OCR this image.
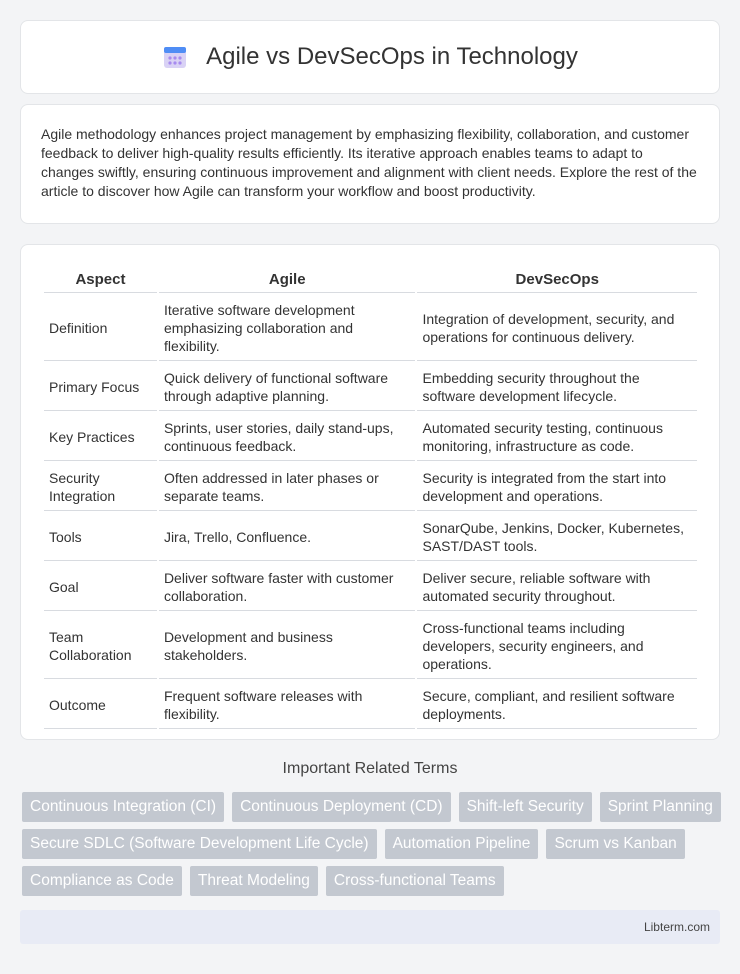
Agile vs DevSecOps in Technology

Agile methodology enhances project management by emphasizing flexibility, collaboration, and customer feedback to deliver high-quality results efficiently. Its iterative approach enables teams to adapt to changes swiftly, ensuring continuous improvement and alignment with client needs. Explore the rest of the article to discover how Agile can transform your workflow and boost productivity.

Aspect	Agile	DevSecOps
Definition	Iterative software development emphasizing collaboration and flexibility.	Integration of development, security, and operations for continuous delivery.
Primary Focus	Quick delivery of functional software through adaptive planning.	Embedding security throughout the software development lifecycle.
Key Practices	Sprints, user stories, daily stand-ups, continuous feedback.	Automated security testing, continuous monitoring, infrastructure as code.
Security Integration	Often addressed in later phases or separate teams.	Security is integrated from the start into development and operations.
Tools	Jira, Trello, Confluence.	SonarQube, Jenkins, Docker, Kubernetes, SAST/DAST tools.
Goal	Deliver software faster with customer collaboration.	Deliver secure, reliable software with automated security throughout.
Team Collaboration	Development and business stakeholders.	Cross-functional teams including developers, security engineers, and operations.
Outcome	Frequent software releases with flexibility.	Secure, compliant, and resilient software deployments.
Important Related Terms
Continuous Integration (CI)	Continuous Deployment (CD)	Shift-left Security	Sprint Planning
Secure SDLC (Software Development Life Cycle)	Automation Pipeline	Scrum vs Kanban
Compliance as Code	Threat Modeling	Cross-functional Teams
Libterm.com
